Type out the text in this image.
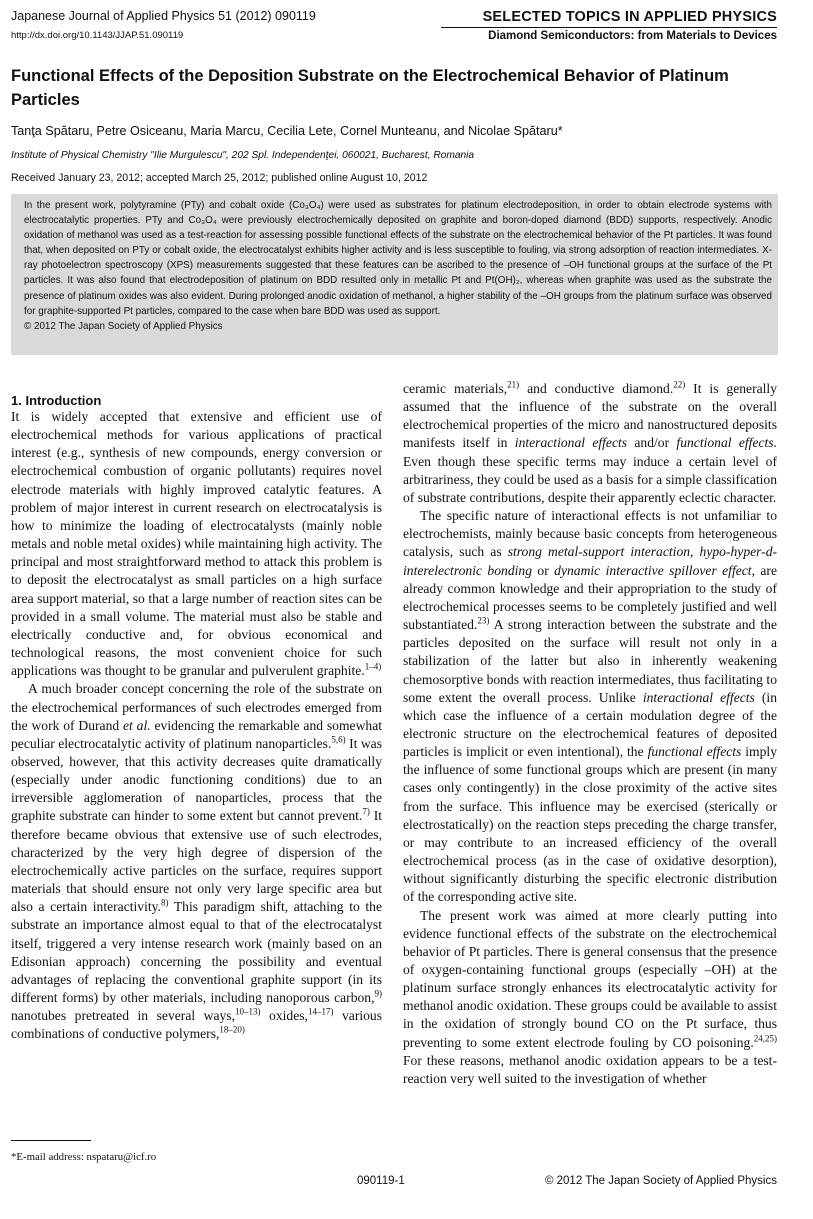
Japanese Journal of Applied Physics 51 (2012) 090119
http://dx.doi.org/10.1143/JJAP.51.090119
SELECTED TOPICS IN APPLIED PHYSICS
Diamond Semiconductors: from Materials to Devices
Functional Effects of the Deposition Substrate on the Electrochemical Behavior of Platinum Particles
Tanţa Spătaru, Petre Osiceanu, Maria Marcu, Cecilia Lete, Cornel Munteanu, and Nicolae Spătaru*
Institute of Physical Chemistry "Ilie Murgulescu", 202 Spl. Independenţei, 060021, Bucharest, Romania
Received January 23, 2012; accepted March 25, 2012; published online August 10, 2012

In the present work, polytyramine (PTy) and cobalt oxide (Co₃O₄) were used as substrates for platinum electrodeposition, in order to obtain electrode systems with electrocatalytic properties. PTy and Co₃O₄ were previously electrochemically deposited on graphite and boron-doped diamond (BDD) supports, respectively. Anodic oxidation of methanol was used as a test-reaction for assessing possible functional effects of the substrate on the electrochemical behavior of the Pt particles. It was found that, when deposited on PTy or cobalt oxide, the electrocatalyst exhibits higher activity and is less susceptible to fouling, via strong adsorption of reaction intermediates. X-ray photoelectron spectroscopy (XPS) measurements suggested that these features can be ascribed to the presence of –OH functional groups at the surface of the Pt particles. It was also found that electrodeposition of platinum on BDD resulted only in metallic Pt and Pt(OH)₂, whereas when graphite was used as the substrate the presence of platinum oxides was also evident. During prolonged anodic oxidation of methanol, a higher stability of the –OH groups from the platinum surface was observed for graphite-supported Pt particles, compared to the case when bare BDD was used as support.

© 2012 The Japan Society of Applied Physics

1. Introduction

It is widely accepted that extensive and efficient use of electrochemical methods for various applications of practical interest (e.g., synthesis of new compounds, energy conversion or electrochemical combustion of organic pollutants) requires novel electrode materials with highly improved catalytic features. A problem of major interest in current research on electrocatalysis is how to minimize the loading of electrocatalysts (mainly noble metals and noble metal oxides) while maintaining high activity. The principal and most straightforward method to attack this problem is to deposit the electrocatalyst as small particles on a high surface area support material, so that a large number of reaction sites can be provided in a small volume. The material must also be stable and electrically conductive and, for obvious economical and technological reasons, the most convenient choice for such applications was thought to be granular and pulverulent graphite.$^{1-4)}$

A much broader concept concerning the role of the substrate on the electrochemical performances of such electrodes emerged from the work of Durand et al. evidencing the remarkable and somewhat peculiar electrocatalytic activity of platinum nanoparticles.$^{5,6)}$ It was observed, however, that this activity decreases quite dramatically (especially under anodic functioning conditions) due to an irreversible agglomeration of nanoparticles, process that the graphite substrate can hinder to some extent but cannot prevent.$^{7)}$ It therefore became obvious that extensive use of such electrodes, characterized by the very high degree of dispersion of the electrochemically active particles on the surface, requires support materials that should ensure not only very large specific area but also a certain interactivity.$^{8)}$ This paradigm shift, attaching to the substrate an importance almost equal to that of the electrocatalyst itself, triggered a very intense research work (mainly based on an Edisonian approach) concerning the possibility and eventual advantages of replacing the conventional graphite support (in its different forms) by other materials, including nanoporous carbon,$^{9)}$ nanotubes pretreated in several ways,$^{10-13)}$ oxides,$^{14-17)}$ various combinations of conductive polymers,$^{18-20)}$

ceramic materials,$^{21)}$ and conductive diamond.$^{22)}$ It is generally assumed that the influence of the substrate on the overall electrochemical properties of the micro and nanostructured deposits manifests itself in interactional effects and/or functional effects. Even though these specific terms may induce a certain level of arbitrariness, they could be used as a basis for a simple classification of substrate contributions, despite their apparently eclectic character.

The specific nature of interactional effects is not unfamiliar to electrochemists, mainly because basic concepts from heterogeneous catalysis, such as strong metal-support interaction, hypo-hyper-d-interelectronic bonding or dynamic interactive spillover effect, are already common knowledge and their appropriation to the study of electrochemical processes seems to be completely justified and well substantiated.$^{23)}$ A strong interaction between the substrate and the particles deposited on the surface will result not only in a stabilization of the latter but also in inherently weakening chemosorptive bonds with reaction intermediates, thus facilitating to some extent the overall process. Unlike interactional effects (in which case the influence of a certain modulation degree of the electronic structure on the electrochemical features of deposited particles is implicit or even intentional), the functional effects imply the influence of some functional groups which are present (in many cases only contingently) in the close proximity of the active sites from the surface. This influence may be exercised (sterically or electrostatically) on the reaction steps preceding the charge transfer, or may contribute to an increased efficiency of the overall electrochemical process (as in the case of oxidative desorption), without significantly disturbing the specific electronic distribution of the corresponding active site.

The present work was aimed at more clearly putting into evidence functional effects of the substrate on the electrochemical behavior of Pt particles. There is general consensus that the presence of oxygen-containing functional groups (especially –OH) at the platinum surface strongly enhances its electrocatalytic activity for methanol anodic oxidation. These groups could be available to assist in the oxidation of strongly bound CO on the Pt surface, thus preventing to some extent electrode fouling by CO poisoning.$^{24,25)}$ For these reasons, methanol anodic oxidation appears to be a test-reaction very well suited to the investigation of whether

*E-mail address: nspataru@icf.ro
090119-1	© 2012 The Japan Society of Applied Physics
